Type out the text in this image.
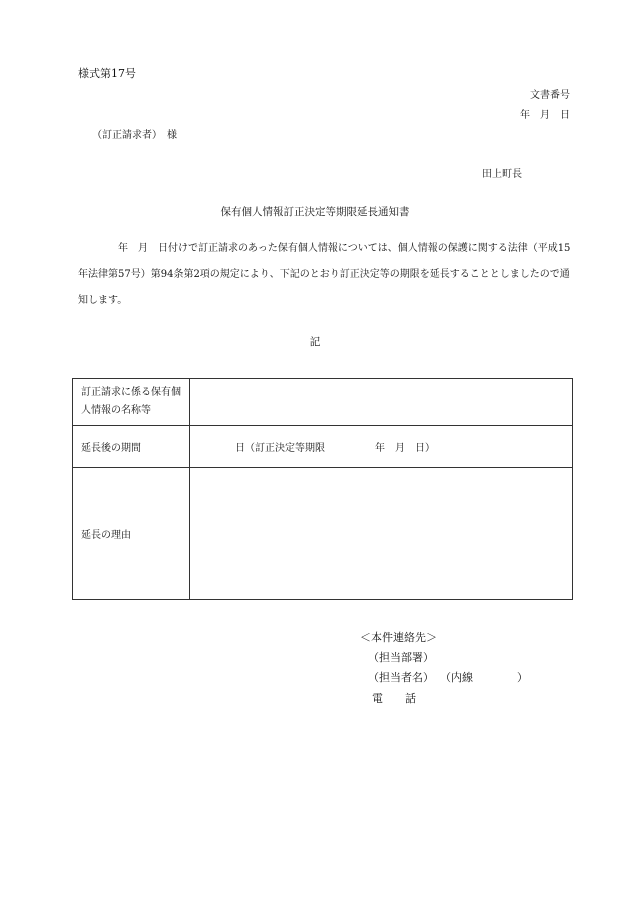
様式第17号
文書番号
年　月　日
（訂正請求者）　様
田上町長
保有個人情報訂正決定等期限延長通知書
　　年　月　日付けで訂正請求のあった保有個人情報については、個人情報の保護に関する法律（平成15年法律第57号）第94条第2項の規定により、下記のとおり訂正決定等の期限を延長することとしましたので通知します。
記
訂正請求に係る保有個人情報の名称等	
延長後の期間	日（訂正決定等期限　　　　　年　月　日）
延長の理由	
＜本件連絡先＞
（担当部署）
（担当者名） （内線　　　　）
電　　話
